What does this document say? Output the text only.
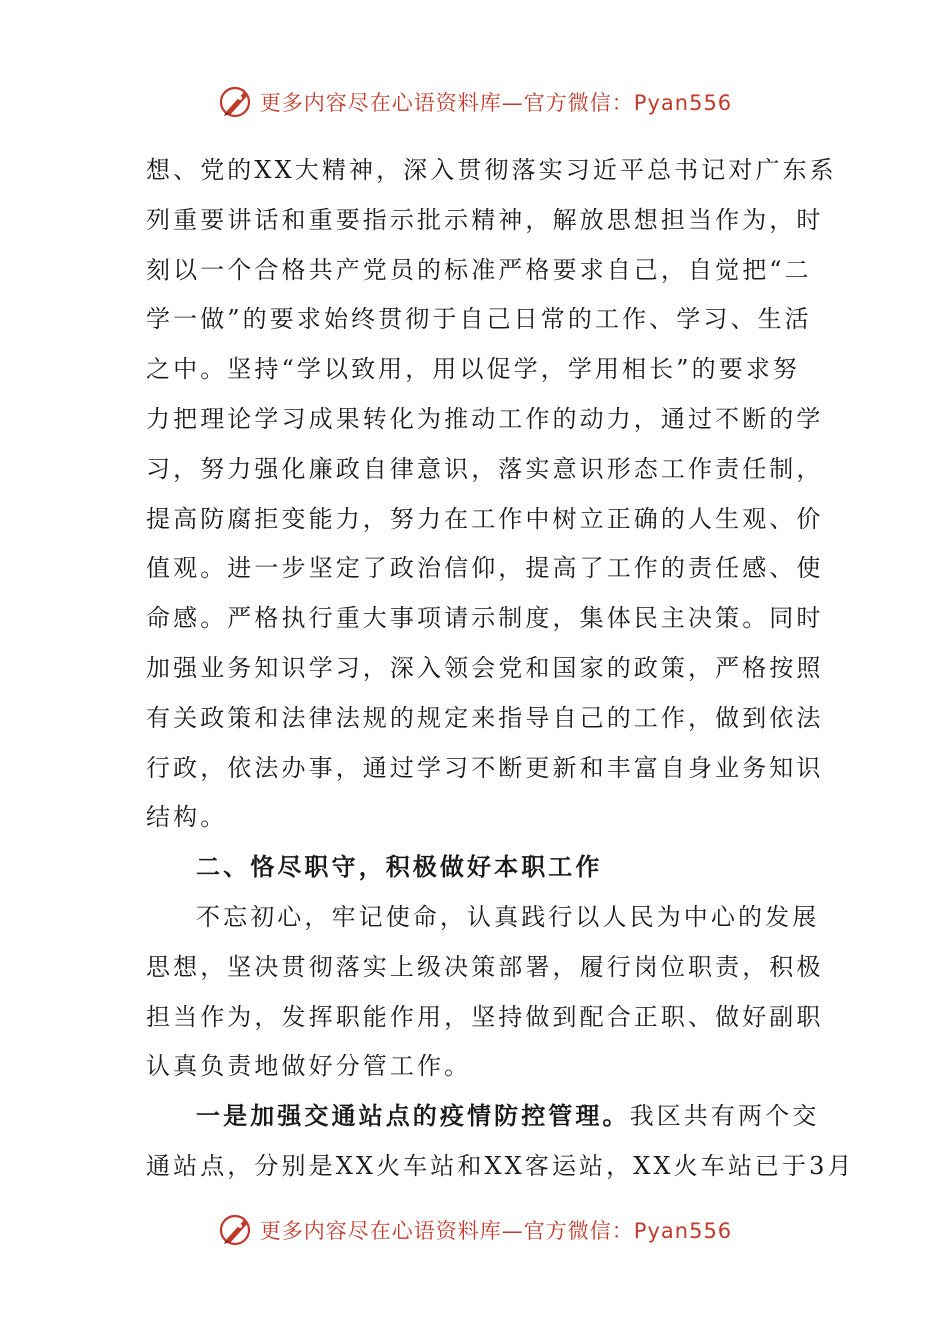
更多内容尽在心语资料库—官方微信：Pyan556
想、党的XX大精神，深入贯彻落实习近平总书记对广东系
列重要讲话和重要指示批示精神，解放思想担当作为，时
刻以一个合格共产党员的标准严格要求自己，自觉把“二
学一做”的要求始终贯彻于自己日常的工作、学习、生活
之中。坚持“学以致用，用以促学，学用相长”的要求努
力把理论学习成果转化为推动工作的动力，通过不断的学
习，努力强化廉政自律意识，落实意识形态工作责任制，
提高防腐拒变能力，努力在工作中树立正确的人生观、价
值观。进一步坚定了政治信仰，提高了工作的责任感、使
命感。严格执行重大事项请示制度，集体民主决策。同时
加强业务知识学习，深入领会党和国家的政策，严格按照
有关政策和法律法规的规定来指导自己的工作，做到依法
行政，依法办事，通过学习不断更新和丰富自身业务知识
结构。
二、恪尽职守，积极做好本职工作
不忘初心，牢记使命，认真践行以人民为中心的发展
思想，坚决贯彻落实上级决策部署，履行岗位职责，积极
担当作为，发挥职能作用，坚持做到配合正职、做好副职
认真负责地做好分管工作。
一是加强交通站点的疫情防控管理。我区共有两个交
通站点，分别是XX火车站和XX客运站，XX火车站已于3月
更多内容尽在心语资料库—官方微信：Pyan556
